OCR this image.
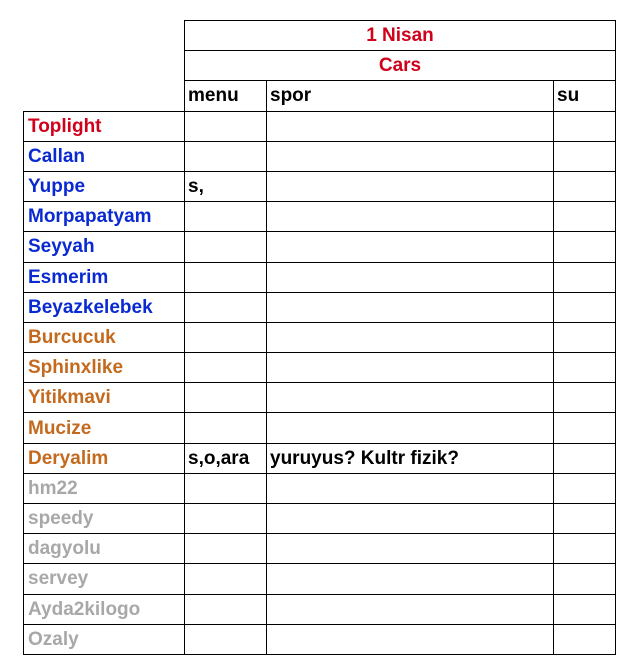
	1 Nisan		
	Cars		
	menu	spor	su
Toplight			
Callan			
Yuppe	s,		
Morpapatyam			
Seyyah			
Esmerim			
Beyazkelebek			
Burcucuk			
Sphinxlike			
Yitikmavi			
Mucize			
Deryalim	s,o,ara	yuruyus? Kultr fizik?	
hm22			
speedy			
dagyolu			
servey			
Ayda2kilogo			
Ozaly			
